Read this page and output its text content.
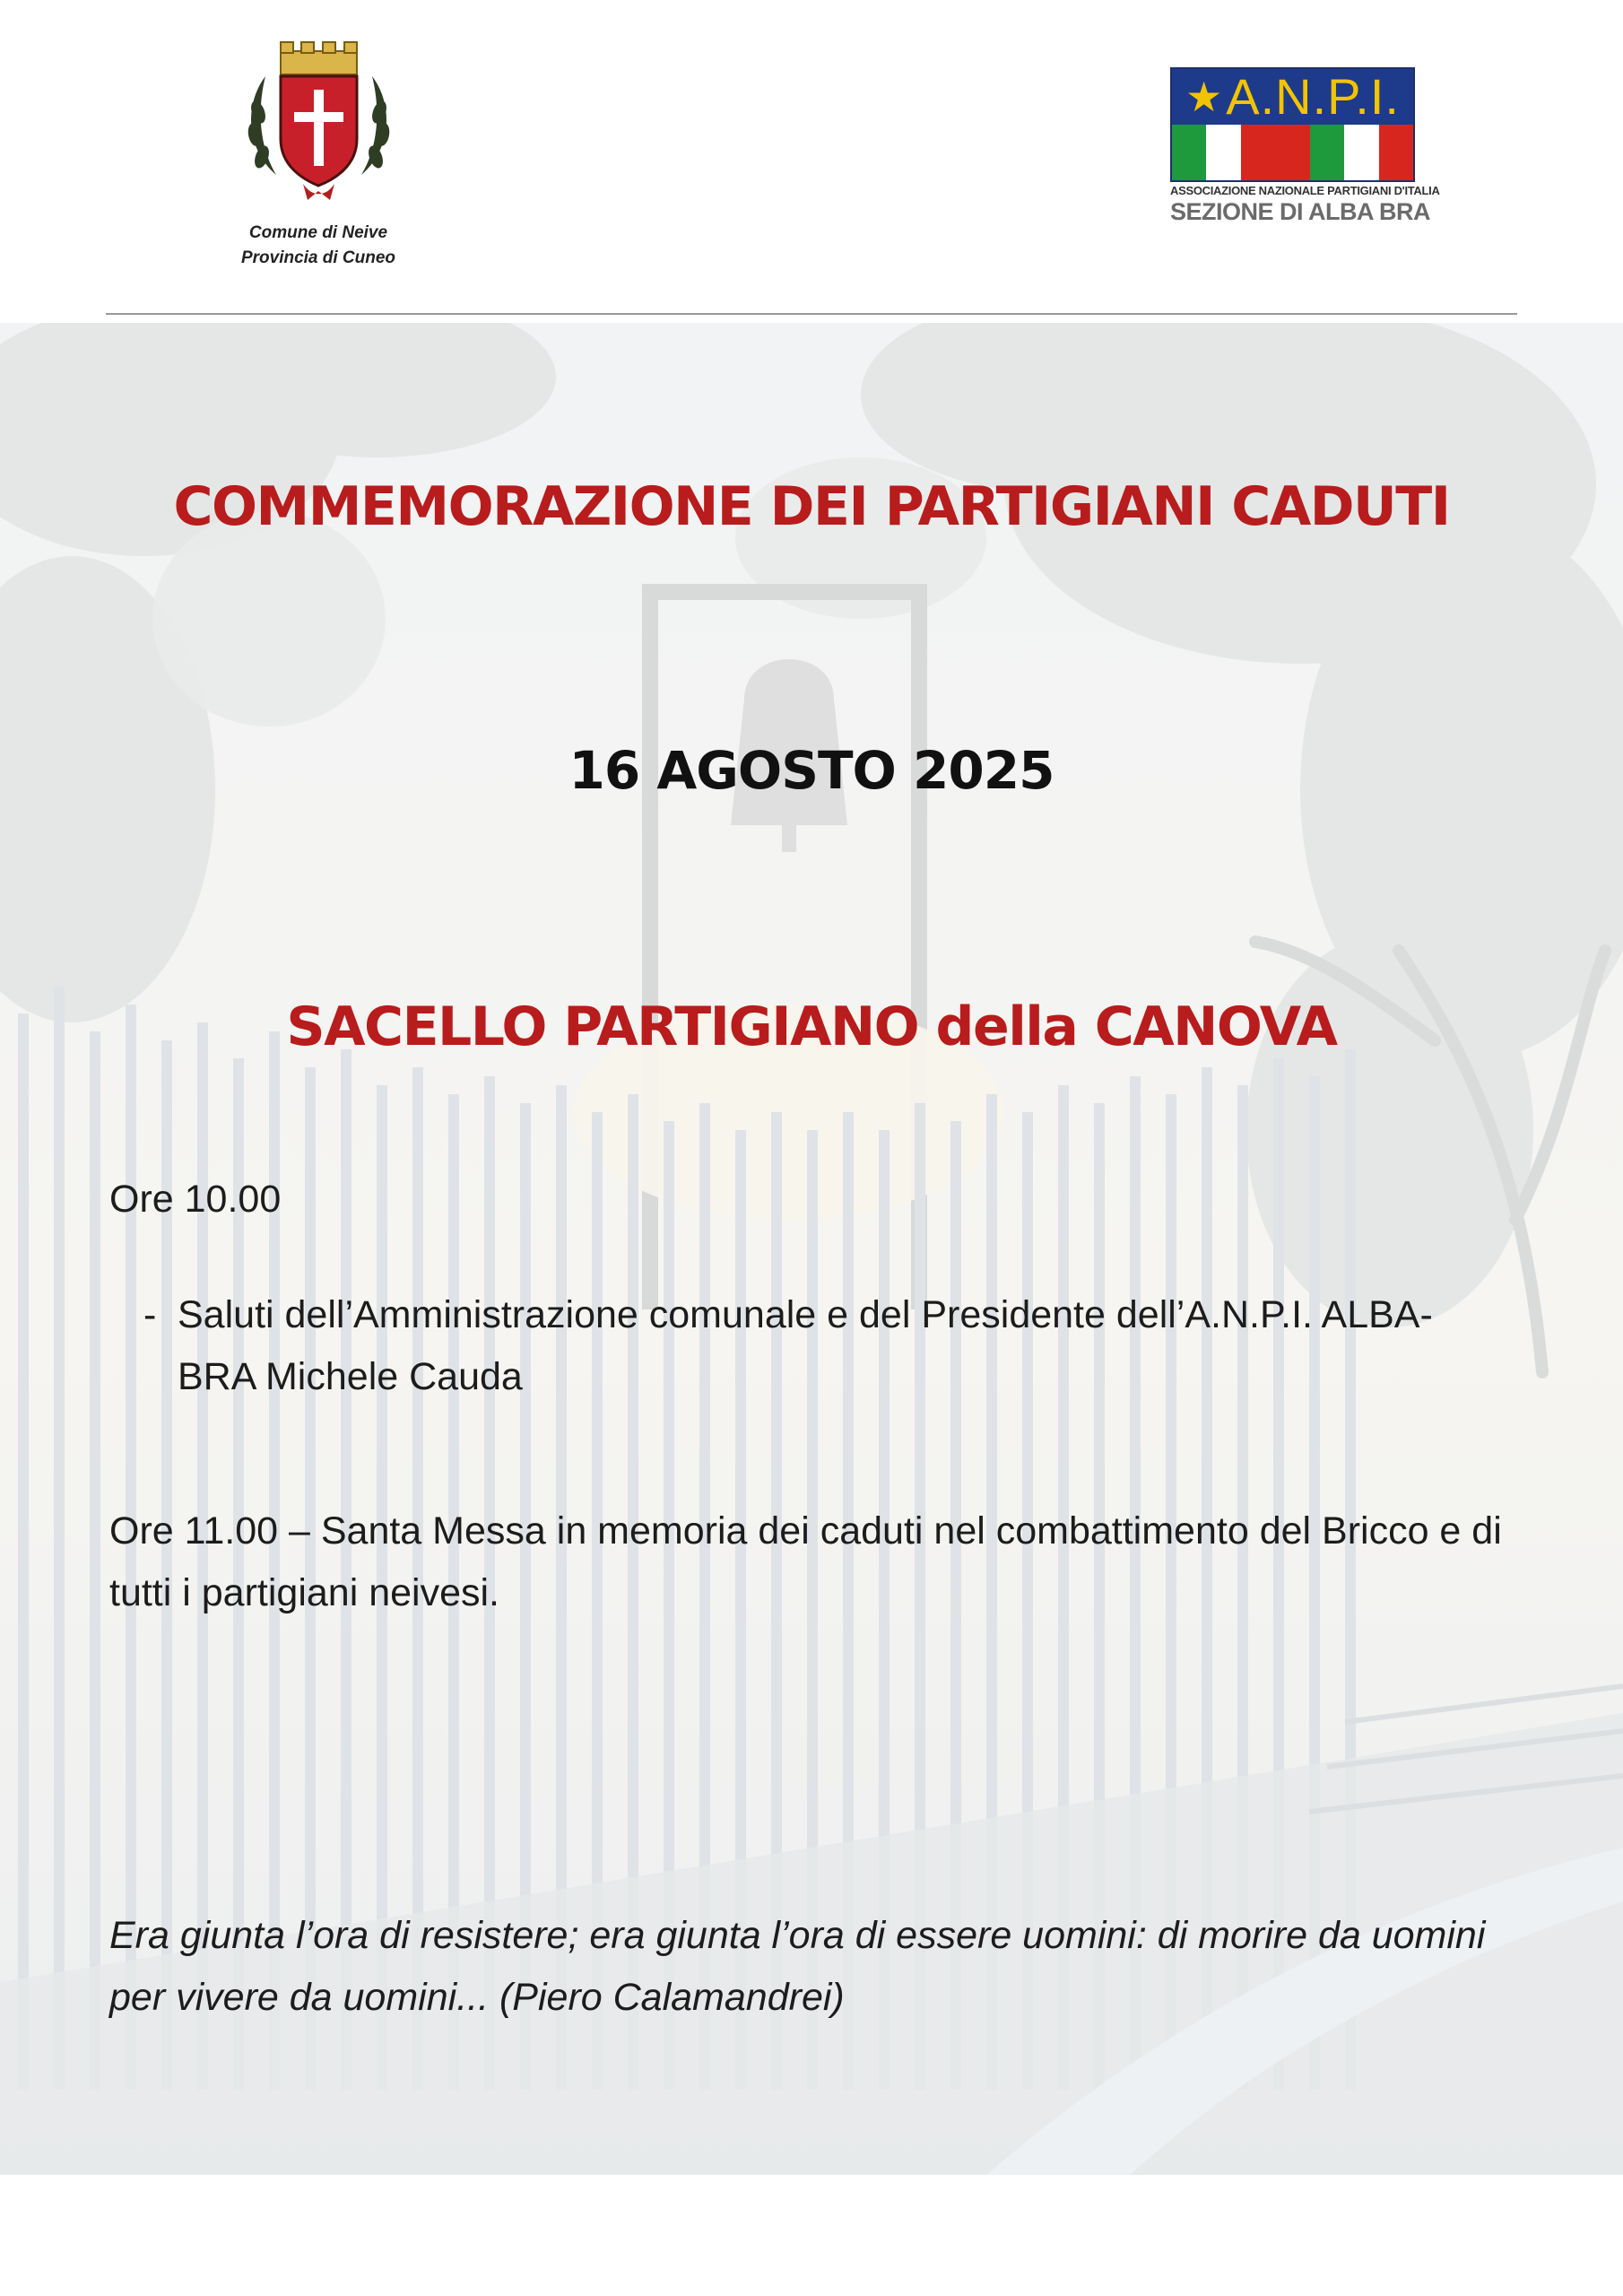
Comune di Neive
Provincia di Cuneo
★ A.N.P.I.
ASSOCIAZIONE NAZIONALE PARTIGIANI D'ITALIA
SEZIONE DI ALBA BRA
COMMEMORAZIONE DEI PARTIGIANI CADUTI
16 AGOSTO 2025
SACELLO PARTIGIANO della CANOVA
Ore 10.00
- Saluti dell’Amministrazione comunale e del Presidente dell’A.N.P.I. ALBA-BRA Michele Cauda
Ore 11.00 – Santa Messa in memoria dei caduti nel combattimento del Bricco e di tutti i partigiani neivesi.
Era giunta l’ora di resistere; era giunta l’ora di essere uomini: di morire da uomini per vivere da uomini... (Piero Calamandrei)
